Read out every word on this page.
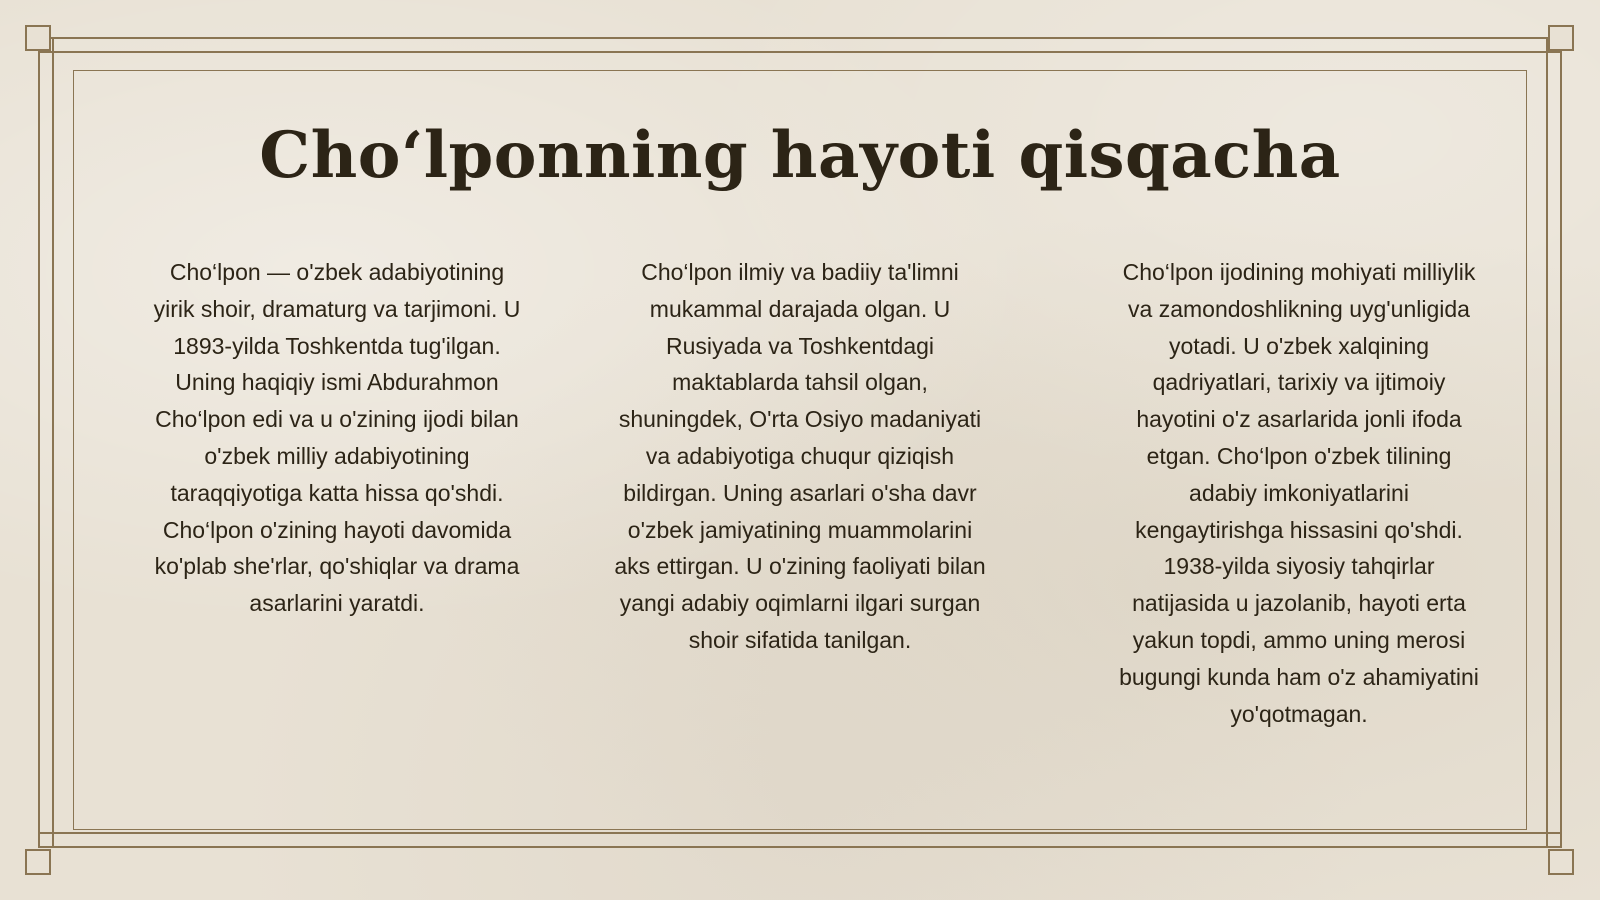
Cho‘lponning hayoti qisqacha

Cho‘lpon — o'zbek adabiyotining yirik shoir, dramaturg va tarjimoni. U 1893-yilda Toshkentda tug'ilgan. Uning haqiqiy ismi Abdurahmon Cho‘lpon edi va u o'zining ijodi bilan o'zbek milliy adabiyotining taraqqiyotiga katta hissa qo'shdi. Cho‘lpon o'zining hayoti davomida ko'plab she'rlar, qo'shiqlar va drama asarlarini yaratdi.

Cho‘lpon ilmiy va badiiy ta'limni mukammal darajada olgan. U Rusiyada va Toshkentdagi maktablarda tahsil olgan, shuningdek, O'rta Osiyo madaniyati va adabiyotiga chuqur qiziqish bildirgan. Uning asarlari o'sha davr o'zbek jamiyatining muammolarini aks ettirgan. U o'zining faoliyati bilan yangi adabiy oqimlarni ilgari surgan shoir sifatida tanilgan.

Cho‘lpon ijodining mohiyati milliylik va zamondoshlikning uyg'unligida yotadi. U o'zbek xalqining qadriyatlari, tarixiy va ijtimoiy hayotini o'z asarlarida jonli ifoda etgan. Cho‘lpon o'zbek tilining adabiy imkoniyatlarini kengaytirishga hissasini qo'shdi. 1938-yilda siyosiy tahqirlar natijasida u jazolanib, hayoti erta yakun topdi, ammo uning merosi bugungi kunda ham o'z ahamiyatini yo'qotmagan.
